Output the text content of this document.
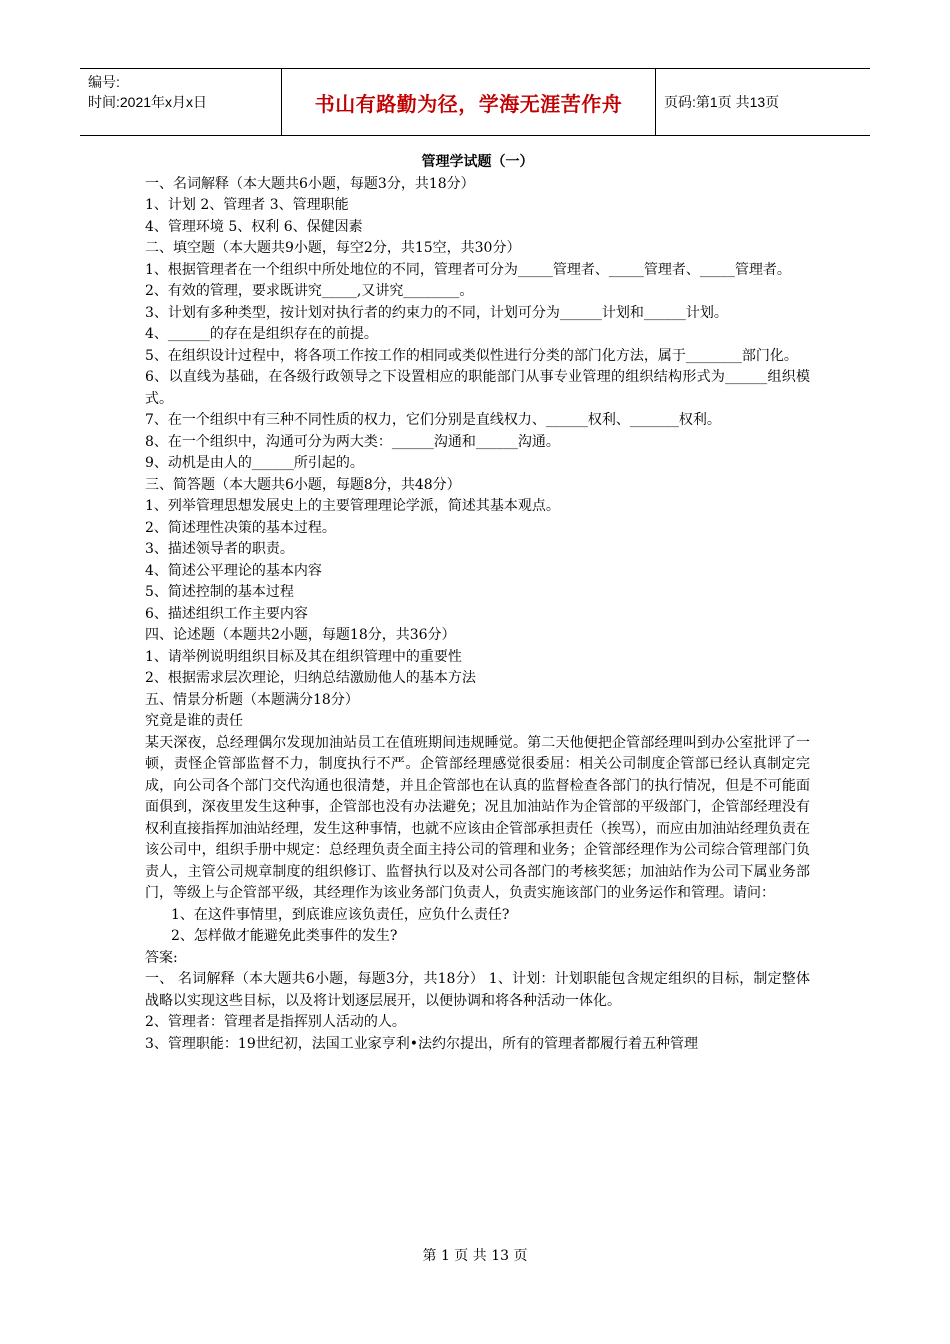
编号:
时间:2021年x月x日	书山有路勤为径，学海无涯苦作舟	页码:第1页 共13页
管理学试题（一）

一、名词解释（本大题共6小题，每题3分，共18分）

1、计划 2、管理者 3、管理职能

4、管理环境 5、权利 6、保健因素

二、填空题（本大题共9小题，每空2分，共15空，共30分）

1、根据管理者在一个组织中所处地位的不同，管理者可分为_____管理者、_____管理者、_____管理者。

2、有效的管理，要求既讲究_____,又讲究________。

3、计划有多种类型，按计划对执行者的约束力的不同，计划可分为______计划和______计划。

4、______的存在是组织存在的前提。

5、在组织设计过程中，将各项工作按工作的相同或类似性进行分类的部门化方法，属于________部门化。

6、以直线为基础，在各级行政领导之下设置相应的职能部门从事专业管理的组织结构形式为______组织模式。

7、在一个组织中有三种不同性质的权力，它们分别是直线权力、______权利、_______权利。

8、在一个组织中，沟通可分为两大类：______沟通和______沟通。

9、动机是由人的______所引起的。

三、简答题（本大题共6小题，每题8分，共48分）

1、列举管理思想发展史上的主要管理理论学派，简述其基本观点。

2、简述理性决策的基本过程。

3、描述领导者的职责。

4、简述公平理论的基本内容

5、简述控制的基本过程

6、描述组织工作主要内容

四、论述题（本题共2小题，每题18分，共36分）

1、请举例说明组织目标及其在组织管理中的重要性

2、根据需求层次理论，归纳总结激励他人的基本方法

五、情景分析题（本题满分18分）

究竟是谁的责任

某天深夜，总经理偶尔发现加油站员工在值班期间违规睡觉。第二天他便把企管部经理叫到办公室批评了一顿，责怪企管部监督不力，制度执行不严。企管部经理感觉很委屈：相关公司制度企管部已经认真制定完成，向公司各个部门交代沟通也很清楚，并且企管部也在认真的监督检查各部门的执行情况，但是不可能面面俱到，深夜里发生这种事，企管部也没有办法避免；况且加油站作为企管部的平级部门，企管部经理没有权利直接指挥加油站经理，发生这种事情，也就不应该由企管部承担责任（挨骂），而应由加油站经理负责在该公司中，组织手册中规定：总经理负责全面主持公司的管理和业务；企管部经理作为公司综合管理部门负责人，主管公司规章制度的组织修订、监督执行以及对公司各部门的考核奖惩；加油站作为公司下属业务部门，等级上与企管部平级，其经理作为该业务部门负责人，负责实施该部门的业务运作和管理。请问：

1、在这件事情里，到底谁应该负责任，应负什么责任?

2、怎样做才能避免此类事件的发生?

答案:

一、 名词解释（本大题共6小题，每题3分，共18分） 1、计划：计划职能包含规定组织的目标，制定整体战略以实现这些目标，以及将计划逐层展开，以便协调和将各种活动一体化。

2、管理者：管理者是指挥别人活动的人。

3、管理职能：19世纪初，法国工业家亨利•法约尔提出，所有的管理者都履行着五种管理

第 1 页 共 13 页
